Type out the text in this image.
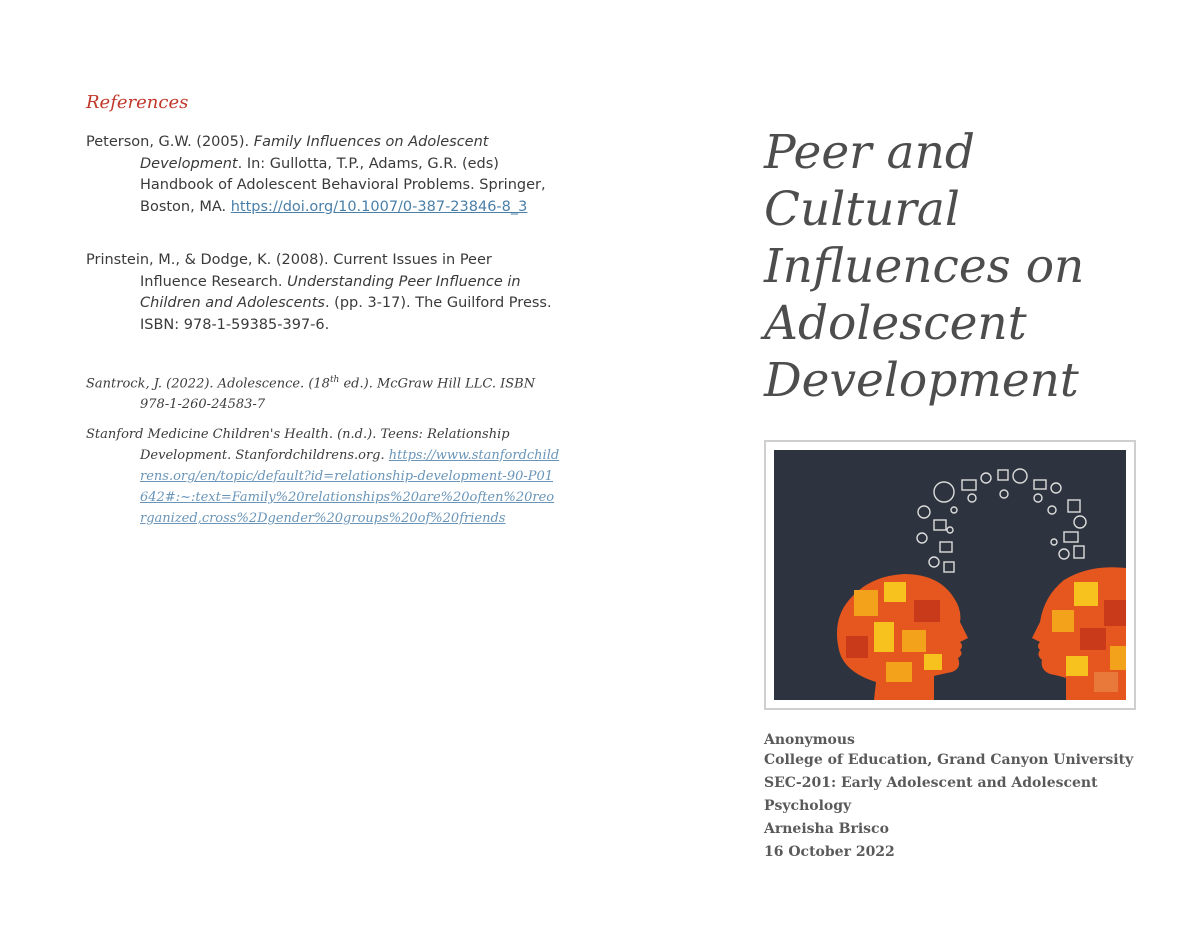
References
Peterson, G.W. (2005). Family Influences on Adolescent Development. In: Gullotta, T.P., Adams, G.R. (eds) Handbook of Adolescent Behavioral Problems. Springer, Boston, MA. https://doi.org/10.1007/0-387-23846-8_3
Prinstein, M., & Dodge, K. (2008). Current Issues in Peer Influence Research. Understanding Peer Influence in Children and Adolescents. (pp. 3-17). The Guilford Press. ISBN: 978-1-59385-397-6.
Santrock, J. (2022). Adolescence. (18th ed.). McGraw Hill LLC. ISBN 978-1-260-24583-7
Stanford Medicine Children's Health. (n.d.). Teens: Relationship Development. Stanfordchildrens.org. https://www.stanfordchildrens.org/en/topic/default?id=relationship-development-90-P01642#:~:text=Family%20relationships%20are%20often%20reorganized,cross%2Dgender%20groups%20of%20friends
Peer and
Cultural
Influences on
Adolescent
Development
Anonymous
College of Education, Grand Canyon University
SEC-201: Early Adolescent and Adolescent
Psychology
Arneisha Brisco
16 October 2022
